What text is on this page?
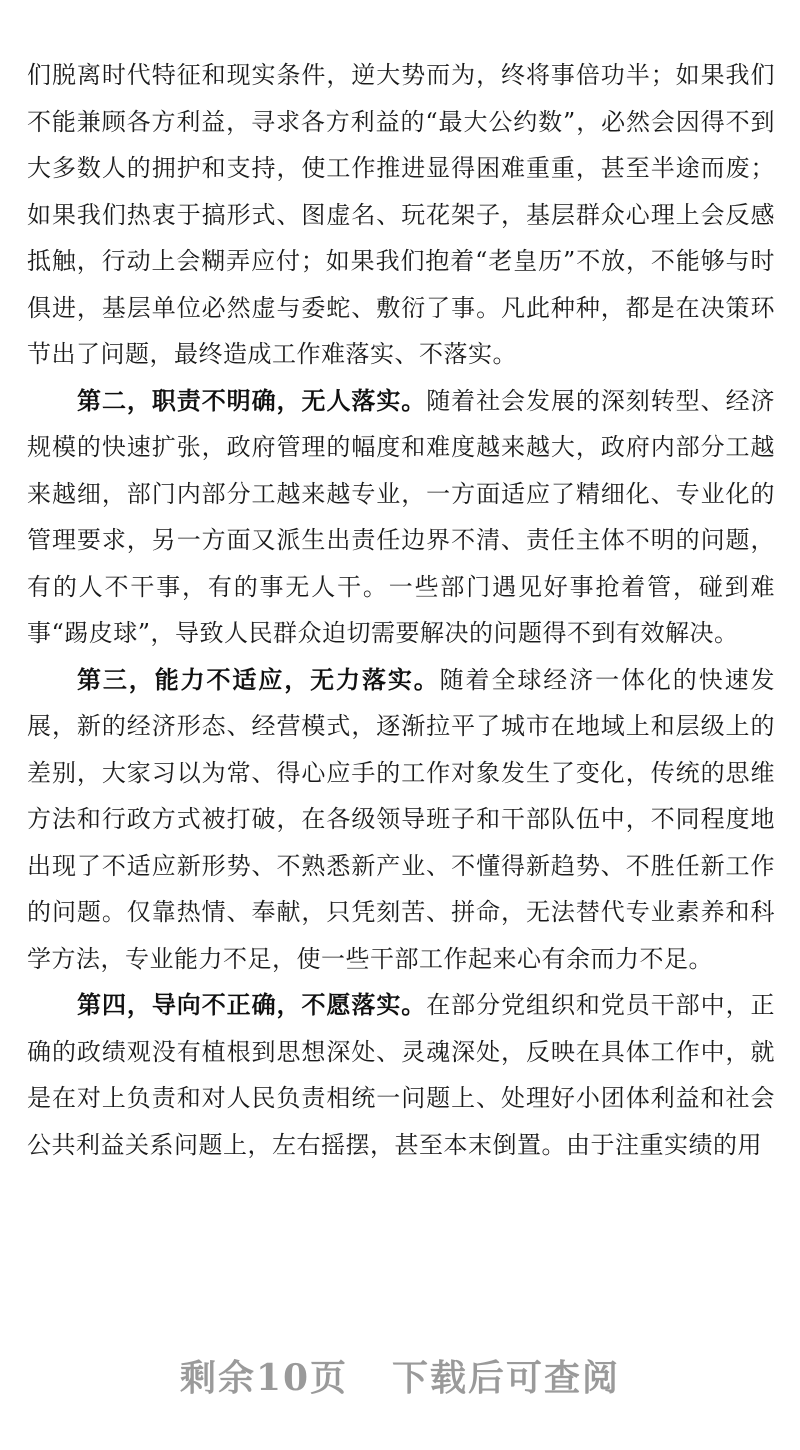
们脱离时代特征和现实条件，逆大势而为，终将事倍功半；如果我们不能兼顾各方利益，寻求各方利益的“最大公约数”，必然会因得不到大多数人的拥护和支持，使工作推进显得困难重重，甚至半途而废；如果我们热衷于搞形式、图虚名、玩花架子，基层群众心理上会反感抵触，行动上会糊弄应付；如果我们抱着“老皇历”不放，不能够与时俱进，基层单位必然虚与委蛇、敷衍了事。凡此种种，都是在决策环节出了问题，最终造成工作难落实、不落实。

第二，职责不明确，无人落实。随着社会发展的深刻转型、经济规模的快速扩张，政府管理的幅度和难度越来越大，政府内部分工越来越细，部门内部分工越来越专业，一方面适应了精细化、专业化的管理要求，另一方面又派生出责任边界不清、责任主体不明的问题，有的人不干事，有的事无人干。一些部门遇见好事抢着管，碰到难事“踢皮球”，导致人民群众迫切需要解决的问题得不到有效解决。

第三，能力不适应，无力落实。随着全球经济一体化的快速发展，新的经济形态、经营模式，逐渐拉平了城市在地域上和层级上的差别，大家习以为常、得心应手的工作对象发生了变化，传统的思维方法和行政方式被打破，在各级领导班子和干部队伍中，不同程度地出现了不适应新形势、不熟悉新产业、不懂得新趋势、不胜任新工作的问题。仅靠热情、奉献，只凭刻苦、拼命，无法替代专业素养和科学方法，专业能力不足，使一些干部工作起来心有余而力不足。

第四，导向不正确，不愿落实。在部分党组织和党员干部中，正确的政绩观没有植根到思想深处、灵魂深处，反映在具体工作中，就是在对上负责和对人民负责相统一问题上、处理好小团体利益和社会公共利益关系问题上，左右摇摆，甚至本末倒置。由于注重实绩的用

剩余10页 下载后可查阅
